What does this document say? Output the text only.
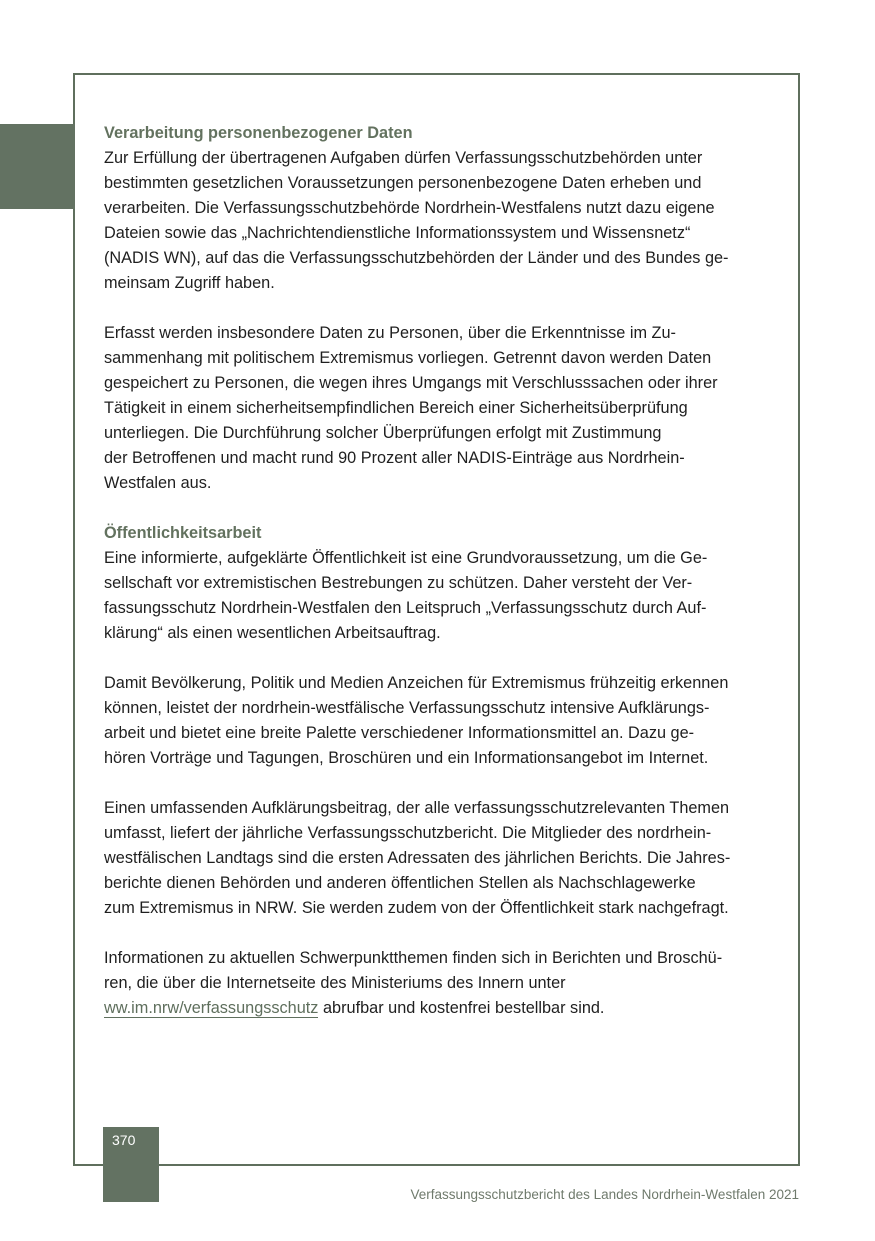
Verarbeitung personenbezogener Daten

Zur Erfüllung der übertragenen Aufgaben dürfen Verfassungsschutzbehörden unter
bestimmten gesetzlichen Voraussetzungen personenbezogene Daten erheben und
verarbeiten. Die Verfassungsschutzbehörde Nordrhein-Westfalens nutzt dazu eigene
Dateien sowie das „Nachrichtendienstliche Informationssystem und Wissensnetz“
(NADIS WN), auf das die Verfassungsschutzbehörden der Länder und des Bundes ge-
meinsam Zugriff haben.

Erfasst werden insbesondere Daten zu Personen, über die Erkenntnisse im Zu-
sammenhang mit politischem Extremismus vorliegen. Getrennt davon werden Daten
gespeichert zu Personen, die wegen ihres Umgangs mit Verschlusssachen oder ihrer
Tätigkeit in einem sicherheitsempfindlichen Bereich einer Sicherheitsüberprüfung
unterliegen. Die Durchführung solcher Überprüfungen erfolgt mit Zustimmung
der Betroffenen und macht rund 90 Prozent aller NADIS-Einträge aus Nordrhein-
Westfalen aus.

Öffentlichkeitsarbeit

Eine informierte, aufgeklärte Öffentlichkeit ist eine Grundvoraussetzung, um die Ge-
sellschaft vor extremistischen Bestrebungen zu schützen. Daher versteht der Ver-
fassungsschutz Nordrhein-Westfalen den Leitspruch „Verfassungsschutz durch Auf-
klärung“ als einen wesentlichen Arbeitsauftrag.

Damit Bevölkerung, Politik und Medien Anzeichen für Extremismus frühzeitig erkennen
können, leistet der nordrhein-westfälische Verfassungsschutz intensive Aufklärungs-
arbeit und bietet eine breite Palette verschiedener Informationsmittel an. Dazu ge-
hören Vorträge und Tagungen, Broschüren und ein Informationsangebot im Internet.

Einen umfassenden Aufklärungsbeitrag, der alle verfassungsschutzrelevanten Themen
umfasst, liefert der jährliche Verfassungsschutzbericht. Die Mitglieder des nordrhein-
westfälischen Landtags sind die ersten Adressaten des jährlichen Berichts. Die Jahres-
berichte dienen Behörden und anderen öffentlichen Stellen als Nachschlagewerke
zum Extremismus in NRW. Sie werden zudem von der Öffentlichkeit stark nachgefragt.

Informationen zu aktuellen Schwerpunktthemen finden sich in Berichten und Broschü-
ren, die über die Internetseite des Ministeriums des Innern unter
ww.im.nrw/verfassungsschutz abrufbar und kostenfrei bestellbar sind.

370
Verfassungsschutzbericht des Landes Nordrhein-Westfalen 2021
